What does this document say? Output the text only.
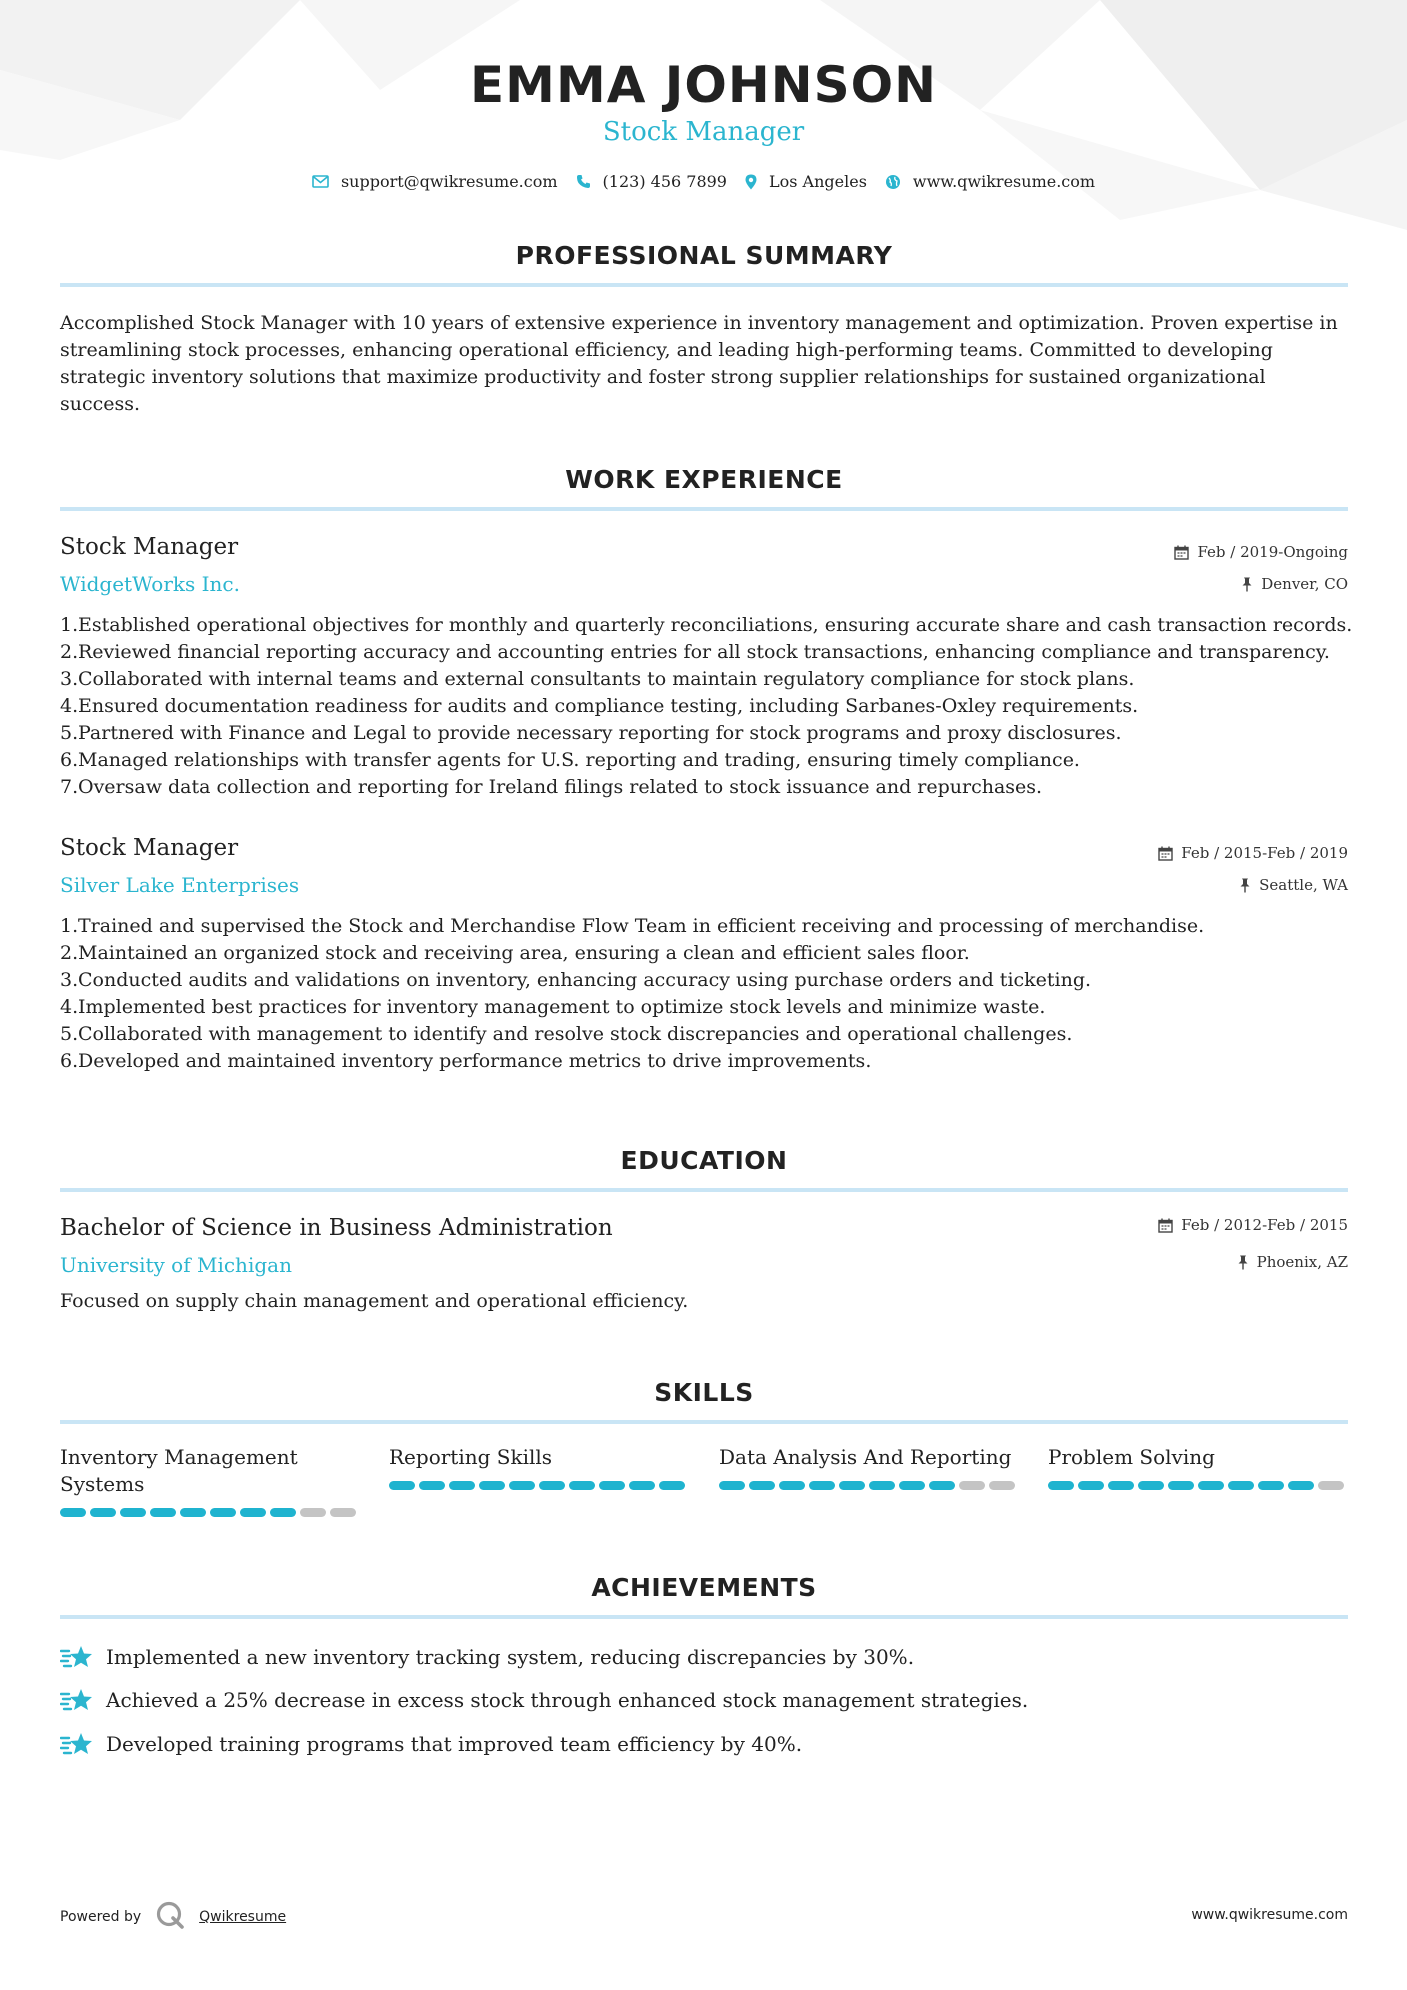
EMMA JOHNSON
Stock Manager
support@qwikresume.com	(123) 456 7899	Los Angeles	www.qwikresume.com
PROFESSIONAL SUMMARY
Accomplished Stock Manager with 10 years of extensive experience in inventory management and optimization. Proven expertise in streamlining stock processes, enhancing operational efficiency, and leading high-performing teams. Committed to developing strategic inventory solutions that maximize productivity and foster strong supplier relationships for sustained organizational success.
WORK EXPERIENCE
Stock Manager
WidgetWorks Inc.
Feb / 2019-Ongoing
Denver, CO
1. Established operational objectives for monthly and quarterly reconciliations, ensuring accurate share and cash transaction records.
2. Reviewed financial reporting accuracy and accounting entries for all stock transactions, enhancing compliance and transparency.
3. Collaborated with internal teams and external consultants to maintain regulatory compliance for stock plans.
4. Ensured documentation readiness for audits and compliance testing, including Sarbanes-Oxley requirements.
5. Partnered with Finance and Legal to provide necessary reporting for stock programs and proxy disclosures.
6. Managed relationships with transfer agents for U.S. reporting and trading, ensuring timely compliance.
7. Oversaw data collection and reporting for Ireland filings related to stock issuance and repurchases.
Stock Manager
Silver Lake Enterprises
Feb / 2015-Feb / 2019
Seattle, WA
1. Trained and supervised the Stock and Merchandise Flow Team in efficient receiving and processing of merchandise.
2. Maintained an organized stock and receiving area, ensuring a clean and efficient sales floor.
3. Conducted audits and validations on inventory, enhancing accuracy using purchase orders and ticketing.
4. Implemented best practices for inventory management to optimize stock levels and minimize waste.
5. Collaborated with management to identify and resolve stock discrepancies and operational challenges.
6. Developed and maintained inventory performance metrics to drive improvements.
EDUCATION
Bachelor of Science in Business Administration
University of Michigan
Feb / 2012-Feb / 2015
Phoenix, AZ
Focused on supply chain management and operational efficiency.
SKILLS
Inventory Management Systems
Reporting Skills	Data Analysis And Reporting	Problem Solving
ACHIEVEMENTS
Implemented a new inventory tracking system, reducing discrepancies by 30%.
Achieved a 25% decrease in excess stock through enhanced stock management strategies.
Developed training programs that improved team efficiency by 40%.
Powered by	Qwikresume	www.qwikresume.com
